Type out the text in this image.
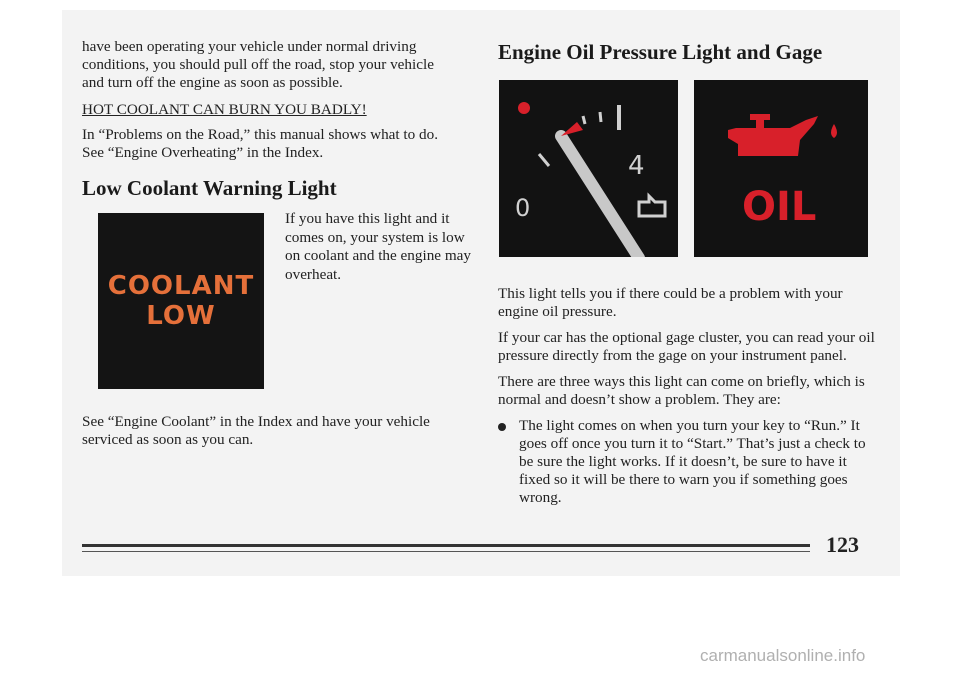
have been operating your vehicle under normal driving conditions, you should pull off the road, stop your vehicle and turn off the engine as soon as possible.

HOT COOLANT CAN BURN YOU BADLY!

In “Problems on the Road,” this manual shows what to do. See “Engine Overheating” in the Index.

Low Coolant Warning Light
COOLANT
LOW

If you have this light and it comes on, your system is low on coolant and the engine may overheat.

See “Engine Coolant” in the Index and have your vehicle serviced as soon as you can.

Engine Oil Pressure Light and Gage
4
0	OIL

This light tells you if there could be a problem with your engine oil pressure.

If your car has the optional gage cluster, you can read your oil pressure directly from the gage on your instrument panel.

There are three ways this light can come on briefly, which is normal and doesn’t show a problem. They are:

The light comes on when you turn your key to “Run.” It goes off once you turn it to “Start.” That’s just a check to be sure the light works. If it doesn’t, be sure to have it fixed so it will be there to warn you if something goes wrong.

123
carmanualsonline.info
